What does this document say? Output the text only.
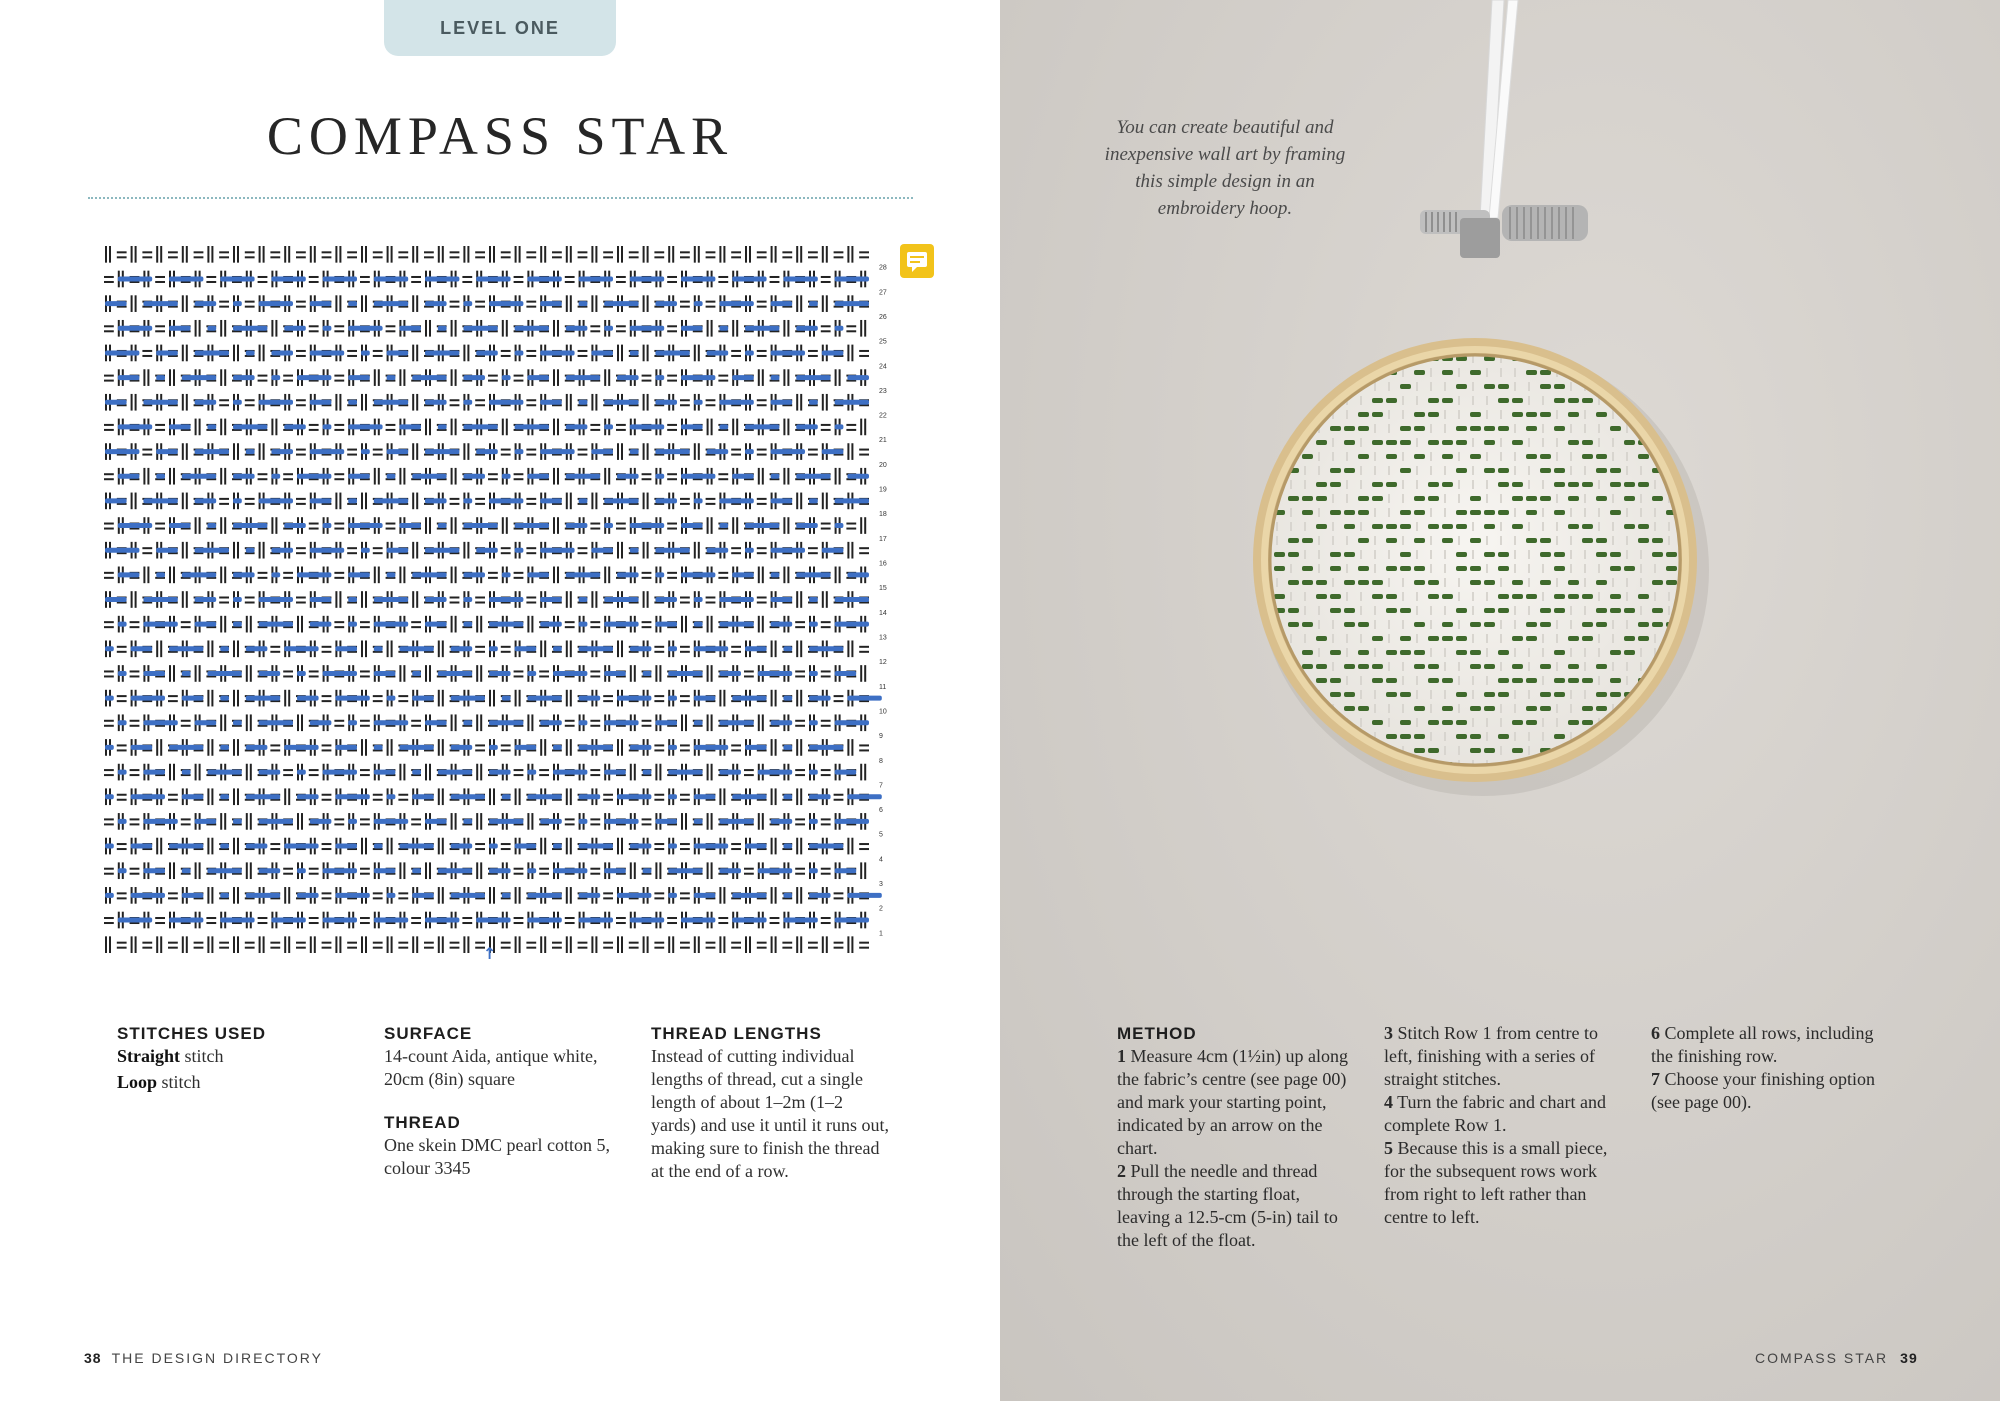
LEVEL ONE
COMPASS STAR
28
27
26
25
24
23
22
21
20
19
18
17
16
15
14
13
12
11
10
9
8
7
6
5
4
3
2
1
↑
STITCHES USED

Straight stitch

Loop stitch

SURFACE

14-count Aida, antique white, 20cm (8in) square

THREAD

One skein DMC pearl cotton 5, colour 3345

THREAD LENGTHS

Instead of cutting individual lengths of thread, cut a single length of about 1–2m (1–2 yards) and use it until it runs out, making sure to finish the thread at the end of a row.

38 THE DESIGN DIRECTORY
You can create beautiful and inexpensive wall art by framing this simple design in an embroidery hoop.
METHOD

1 Measure 4cm (1½in) up along the fabric’s centre (see page 00) and mark your starting point, indicated by an arrow on the chart.

2 Pull the needle and thread through the starting float, leaving a 12.5-cm (5-in) tail to the left of the float.

3 Stitch Row 1 from centre to left, finishing with a series of straight stitches.

4 Turn the fabric and chart and complete Row 1.

5 Because this is a small piece, for the subsequent rows work from right to left rather than centre to left.

6 Complete all rows, including the finishing row.

7 Choose your finishing option (see page 00).

COMPASS STAR 39
